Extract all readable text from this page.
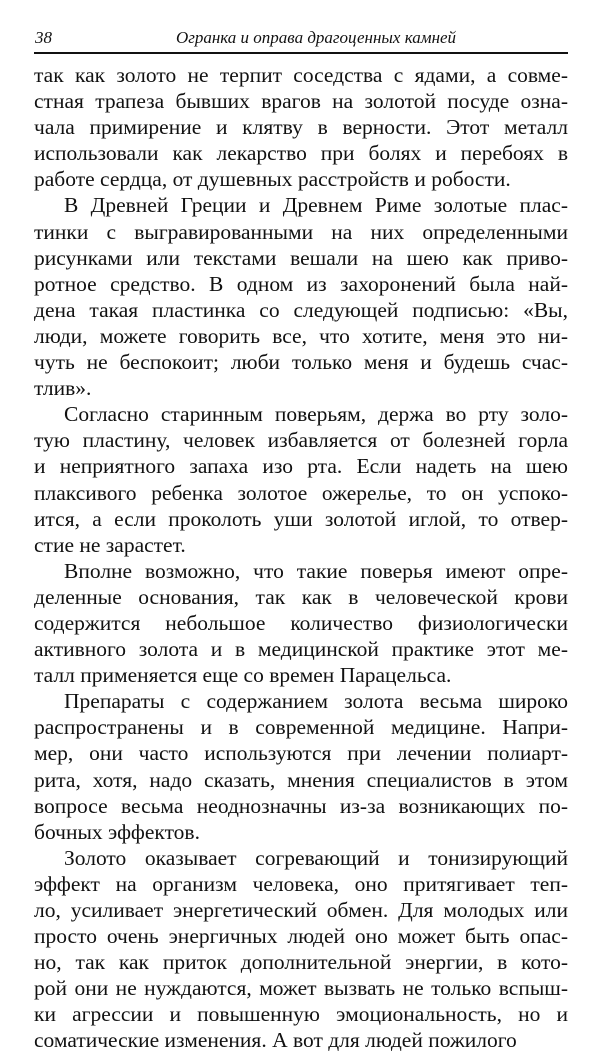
38	Огранка и оправа драгоценных камней
так как золото не терпит соседства с ядами, а совме-
стная трапеза бывших врагов на золотой посуде озна-
чала примирение и клятву в верности. Этот металл
использовали как лекарство при болях и перебоях в
работе сердца, от душевных расстройств и робости.
В Древней Греции и Древнем Риме золотые плас-
тинки с выгравированными на них определенными
рисунками или текстами вешали на шею как приво-
ротное средство. В одном из захоронений была най-
дена такая пластинка со следующей подписью: «Вы,
люди, можете говорить все, что хотите, меня это ни-
чуть не беспокоит; люби только меня и будешь счас-
тлив».
Согласно старинным поверьям, держа во рту золо-
тую пластину, человек избавляется от болезней горла
и неприятного запаха изо рта. Если надеть на шею
плаксивого ребенка золотое ожерелье, то он успоко-
ится, а если проколоть уши золотой иглой, то отвер-
стие не зарастет.
Вполне возможно, что такие поверья имеют опре-
деленные основания, так как в человеческой крови
содержится небольшое количество физиологически
активного золота и в медицинской практике этот ме-
талл применяется еще со времен Парацельса.
Препараты с содержанием золота весьма широко
распространены и в современной медицине. Напри-
мер, они часто используются при лечении полиарт-
рита, хотя, надо сказать, мнения специалистов в этом
вопросе весьма неоднозначны из-за возникающих по-
бочных эффектов.
Золото оказывает согревающий и тонизирующий
эффект на организм человека, оно притягивает теп-
ло, усиливает энергетический обмен. Для молодых или
просто очень энергичных людей оно может быть опас-
но, так как приток дополнительной энергии, в кото-
рой они не нуждаются, может вызвать не только вспыш-
ки агрессии и повышенную эмоциональность, но и
соматические изменения. А вот для людей пожилого
